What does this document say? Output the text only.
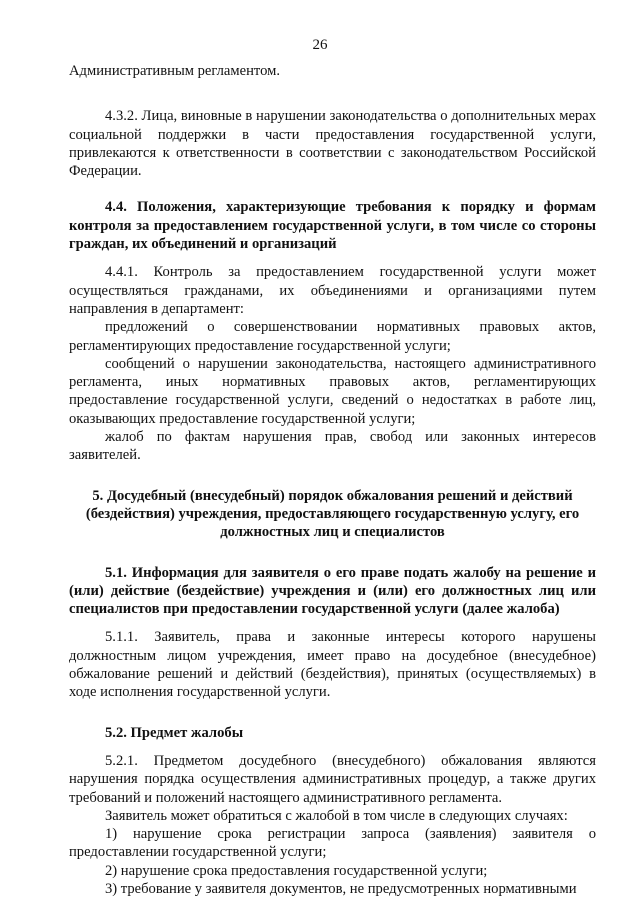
26

Административным регламентом.

4.3.2. Лица, виновные в нарушении законодательства о дополнительных мерах социальной поддержки в части предоставления государственной услуги, привлекаются к ответственности в соответствии с законодательством Российской Федерации.

4.4. Положения, характеризующие требования к порядку и формам контроля за предоставлением государственной услуги, в том числе со стороны граждан, их объединений и организаций

4.4.1. Контроль за предоставлением государственной услуги может осуществляться гражданами, их объединениями и организациями путем направления в департамент:

предложений о совершенствовании нормативных правовых актов, регламентирующих предоставление государственной услуги;

сообщений о нарушении законодательства, настоящего административного регламента, иных нормативных правовых актов, регламентирующих предоставление государственной услуги, сведений о недостатках в работе лиц, оказывающих предоставление государственной услуги;

жалоб по фактам нарушения прав, свобод или законных интересов заявителей.

5. Досудебный (внесудебный) порядок обжалования решений и действий (бездействия) учреждения, предоставляющего государственную услугу, его должностных лиц и специалистов

5.1. Информация для заявителя о его праве подать жалобу на решение и (или) действие (бездействие) учреждения и (или) его должностных лиц или специалистов при предоставлении государственной услуги (далее жалоба)

5.1.1. Заявитель, права и законные интересы которого нарушены должностным лицом учреждения, имеет право на досудебное (внесудебное) обжалование решений и действий (бездействия), принятых (осуществляемых) в ходе исполнения государственной услуги.

5.2. Предмет жалобы

5.2.1. Предметом досудебного (внесудебного) обжалования являются нарушения порядка осуществления административных процедур, а также других требований и положений настоящего административного регламента.

Заявитель может обратиться с жалобой в том числе в следующих случаях:

1) нарушение срока регистрации запроса (заявления) заявителя о предоставлении государственной услуги;

2) нарушение срока предоставления государственной услуги;

3) требование у заявителя документов, не предусмотренных нормативными
